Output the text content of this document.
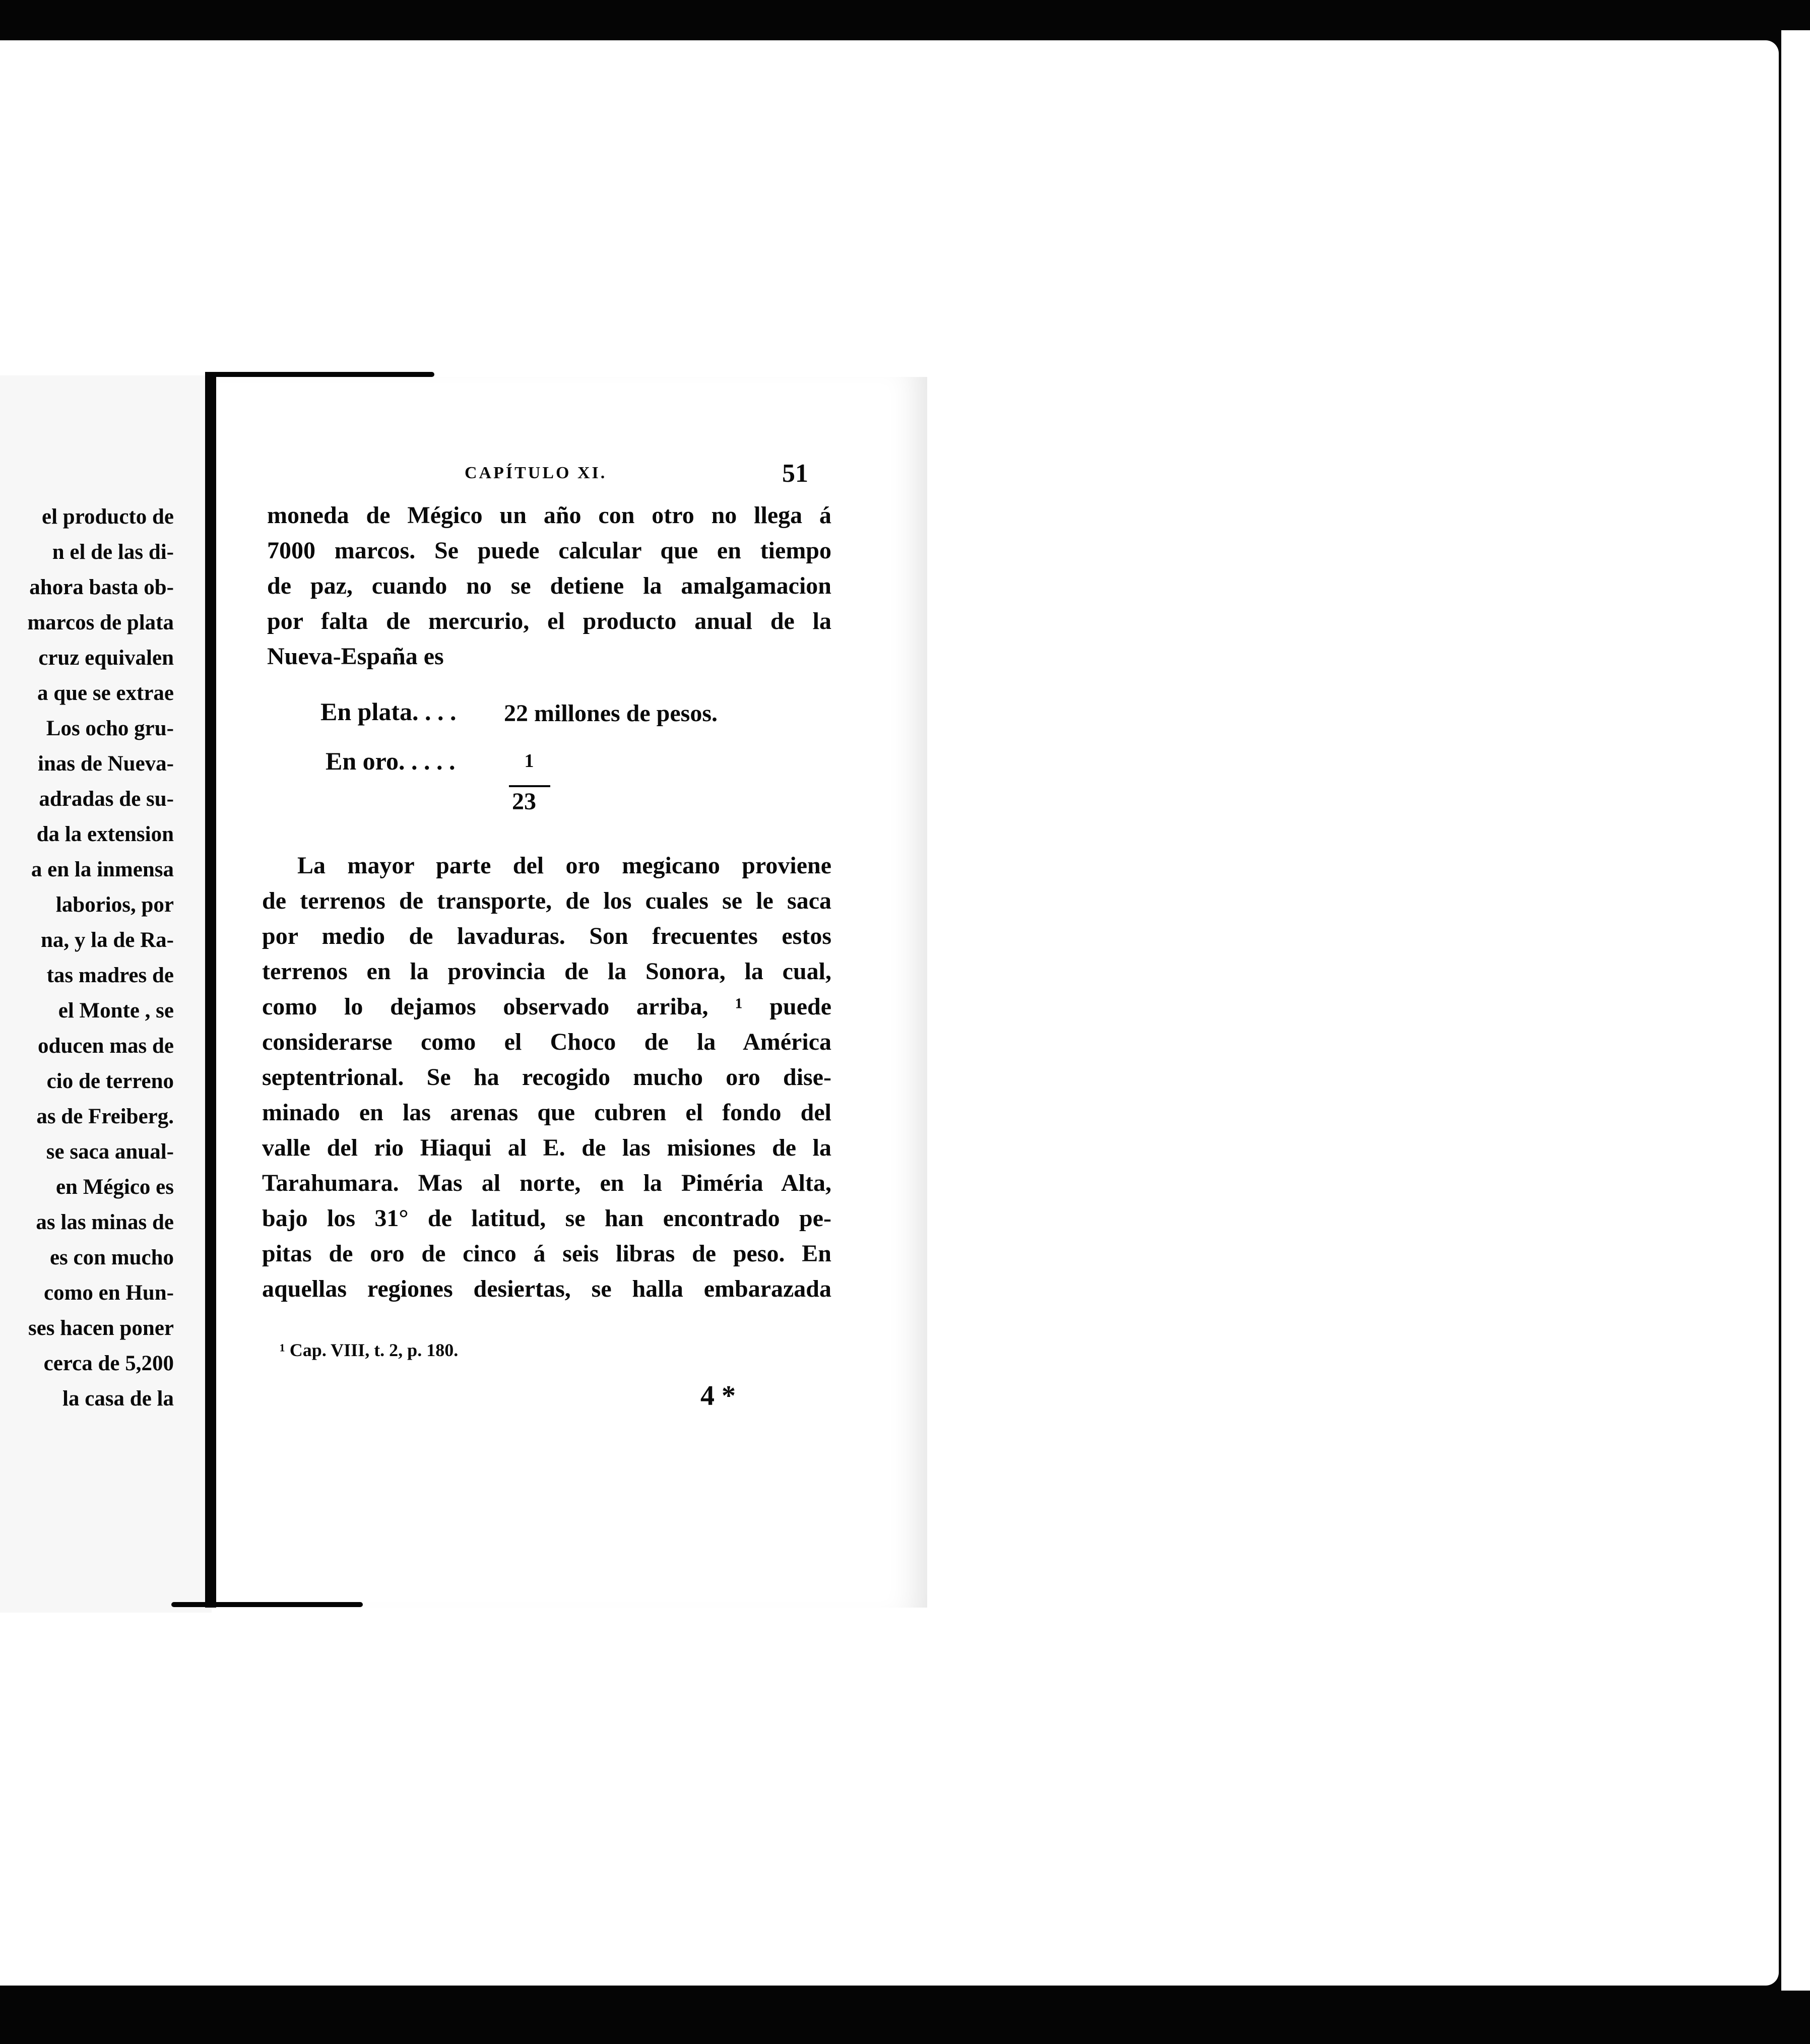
el producto de
n el de las di-
ahora basta ob-
marcos de plata
cruz equivalen
a que se extrae
Los ocho gru-
inas de Nueva-
adradas de su-
da la extension
a en la inmensa
laborios, por
na, y la de Ra-
tas madres de
el Monte , se
oducen mas de
cio de terreno
as de Freiberg.
se saca anual-
en Mégico es
as las minas de
es con mucho
como en Hun-
ses hacen poner
cerca de 5,200
la casa de la
CAPÍTULO XI.	51
moneda de Mégico un año con otro no llega á
7000 marcos. Se puede calcular que en tiempo
de paz, cuando no se detiene la amalgamacion
por falta de mercurio, el producto anual de la
Nueva-España es
En plata. . . . 22 millones de pesos.
En oro. . . . .	1
23
La mayor parte del oro megicano proviene
de terrenos de transporte, de los cuales se le saca
por medio de lavaduras. Son frecuentes estos
terrenos en la provincia de la Sonora, la cual,
como lo dejamos observado arriba, ¹ puede
considerarse como el Choco de la América
septentrional. Se ha recogido mucho oro dise-
minado en las arenas que cubren el fondo del
valle del rio Hiaqui al E. de las misiones de la
Tarahumara. Mas al norte, en la Piméria Alta,
bajo los 31° de latitud, se han encontrado pe-
pitas de oro de cinco á seis libras de peso. En
aquellas regiones desiertas, se halla embarazada
¹ Cap. VIII, t. 2, p. 180.
4 *
